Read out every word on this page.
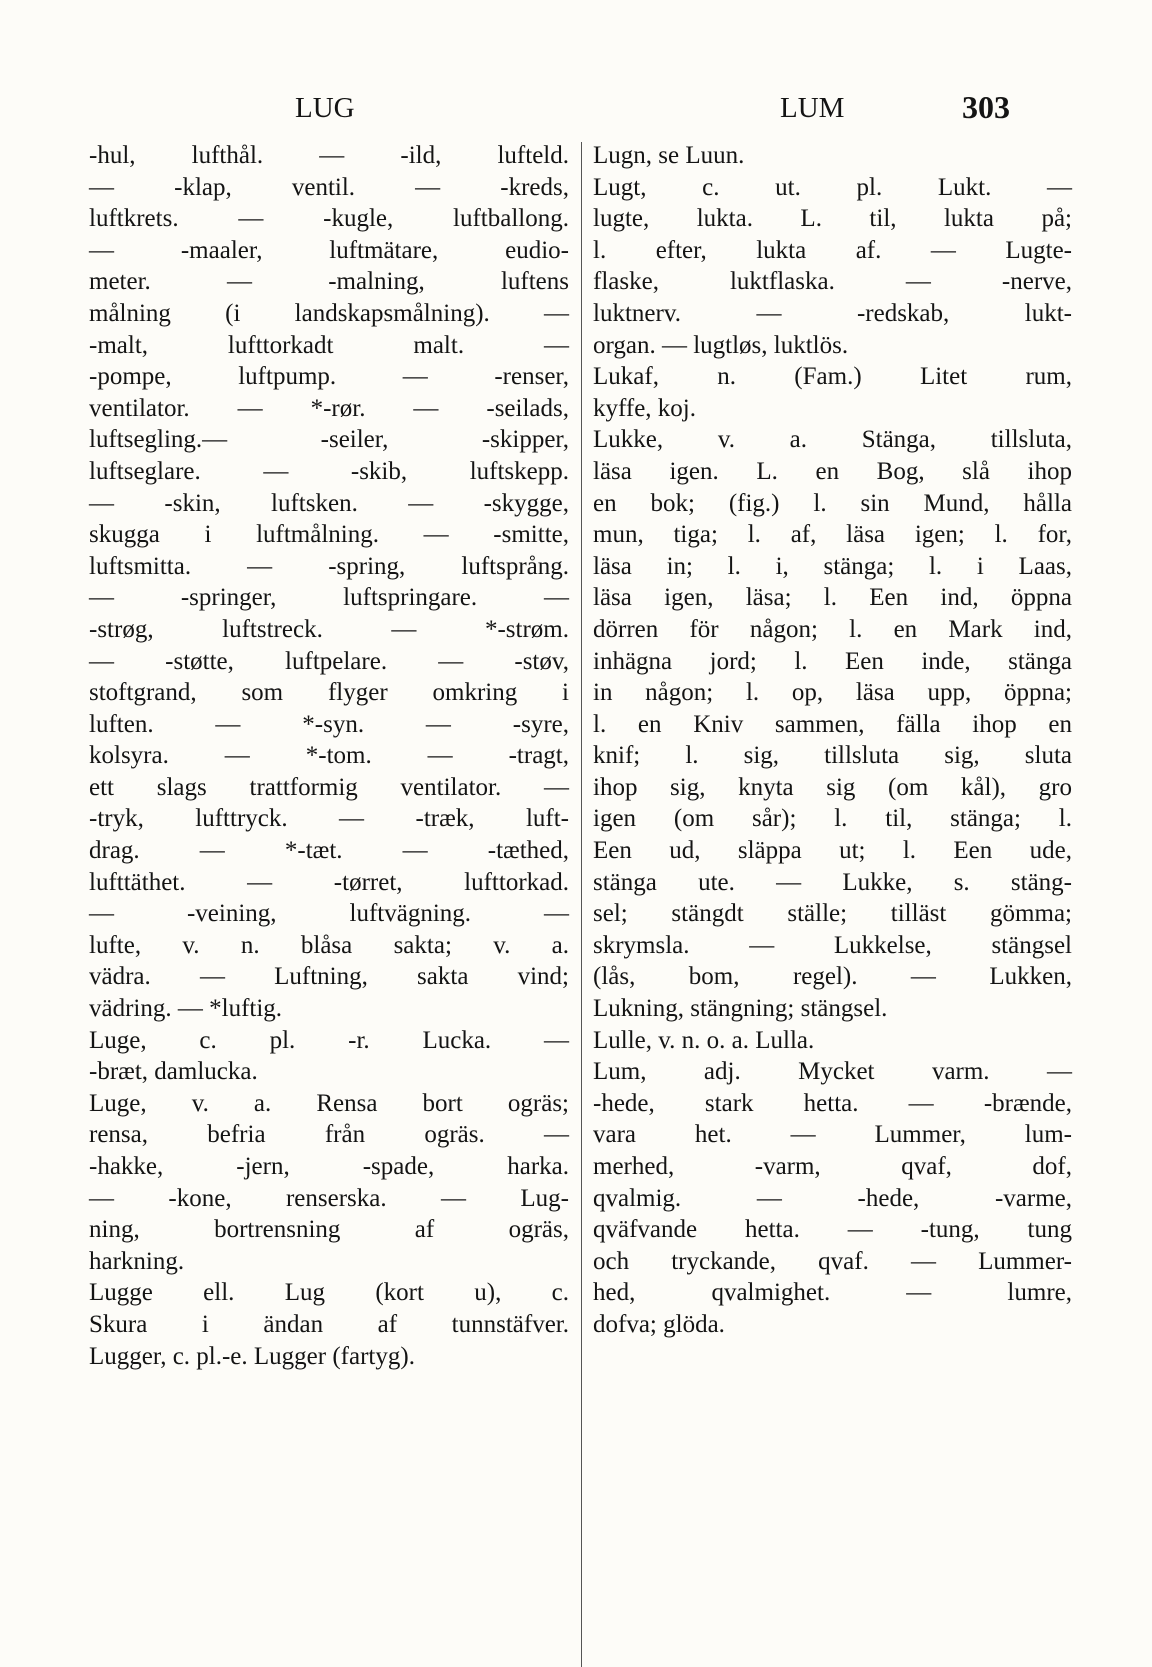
LUG	LUM	303
-hul, lufthål. — -ild, lufteld.
— -klap, ventil. — -kreds,
luftkrets. — -kugle, luftballong.
— -maaler, luftmätare, eudio-
meter. — -malning, luftens
målning (i landskapsmålning). —
-malt, lufttorkadt malt. —
-pompe, luftpump. — -renser,
ventilator. — *-rør. — -seilads,
luftsegling.— -seiler, -skipper,
luftseglare. — -skib, luftskepp.
— -skin, luftsken. — -skygge,
skugga i luftmålning. — -smitte,
luftsmitta. — -spring, luftsprång.
— -springer, luftspringare. —
-strøg, luftstreck. — *-strøm.
— -støtte, luftpelare. — -støv,
stoftgrand, som flyger omkring i
luften. — *-syn. — -syre,
kolsyra. — *-tom. — -tragt,
ett slags trattformig ventilator. —
-tryk, lufttryck. — -træk, luft-
drag. — *-tæt. — -tæthed,
lufttäthet. — -tørret, lufttorkad.
— -veining, luftvägning. —
lufte, v. n. blåsa sakta; v. a.
vädra. — Luftning, sakta vind;
vädring. — *luftig.
Luge, c. pl. -r. Lucka. —
-bræt, damlucka.
Luge, v. a. Rensa bort ogräs;
rensa, befria från ogräs. —
-hakke, -jern, -spade, harka.
— -kone, renserska. — Lug-
ning, bortrensning af ogräs,
harkning.
Lugge ell. Lug (kort u), c.
Skura i ändan af tunnstäfver.
Lugger, c. pl.-e. Lugger (fartyg).
Lugn, se Luun.
Lugt, c. ut. pl. Lukt. —
lugte, lukta. L. til, lukta på;
l. efter, lukta af. — Lugte-
flaske, luktflaska. — -nerve,
luktnerv. — -redskab, lukt-
organ. — lugtløs, luktlös.
Lukaf, n. (Fam.) Litet rum,
kyffe, koj.
Lukke, v. a. Stänga, tillsluta,
läsa igen. L. en Bog, slå ihop
en bok; (fig.) l. sin Mund, hålla
mun, tiga; l. af, läsa igen; l. for,
läsa in; l. i, stänga; l. i Laas,
läsa igen, läsa; l. Een ind, öppna
dörren för någon; l. en Mark ind,
inhägna jord; l. Een inde, stänga
in någon; l. op, läsa upp, öppna;
l. en Kniv sammen, fälla ihop en
knif; l. sig, tillsluta sig, sluta
ihop sig, knyta sig (om kål), gro
igen (om sår); l. til, stänga; l.
Een ud, släppa ut; l. Een ude,
stänga ute. — Lukke, s. stäng-
sel; stängdt ställe; tilläst gömma;
skrymsla. — Lukkelse, stängsel
(lås, bom, regel). — Lukken,
Lukning, stängning; stängsel.
Lulle, v. n. o. a. Lulla.
Lum, adj. Mycket varm. —
-hede, stark hetta. — -brænde,
vara het. — Lummer, lum-
merhed, -varm, qvaf, dof,
qvalmig. — -hede, -varme,
qväfvande hetta. — -tung, tung
och tryckande, qvaf. — Lummer-
hed, qvalmighet. — lumre,
dofva; glöda.
